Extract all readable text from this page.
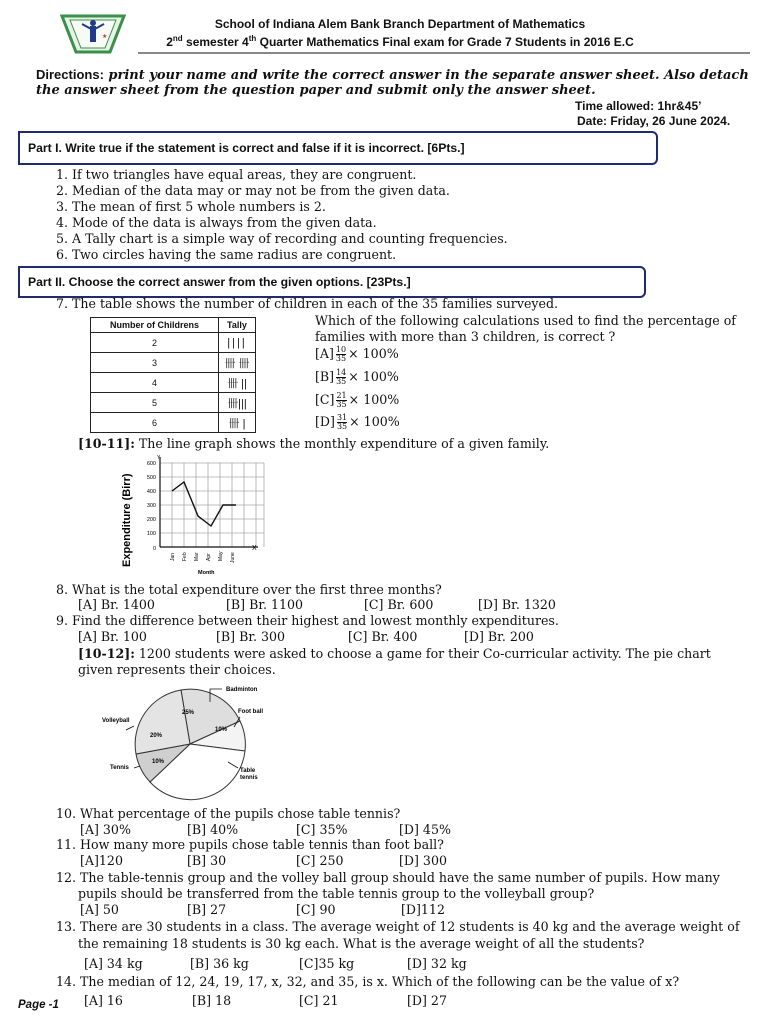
★
School of Indiana Alem Bank Branch Department of Mathematics
2nd semester 4th Quarter Mathematics Final exam for Grade 7 Students in 2016 E.C
Directions: print your name and write the correct answer in the separate answer sheet. Also detach
the answer sheet from the question paper and submit only the answer sheet.
Time allowed: 1hr&45’
Date: Friday, 26 June 2024.
Part I. Write true if the statement is correct and false if it is incorrect. [6Pts.]
1. If two triangles have equal areas, they are congruent.
2. Median of the data may or may not be from the given data.
3. The mean of first 5 whole numbers is 2.
4. Mode of the data is always from the given data.
5. A Tally chart is a simple way of recording and counting frequencies.
6. Two circles having the same radius are congruent.
Part II. Choose the correct answer from the given options. [23Pts.]
7. The table shows the number of children in each of the 35 families surveyed.
Number of Childrens	Tally
2	||||
3	卌 卌
4	卌 ||
5	卌|||
6	卌 |
Which of the following calculations used to find the percentage of
families with more than 3 children, is correct ?
$[A] \frac{10}{35} \times 100\%$
$[B] \frac{14}{35} \times 100\%$
$[C] \frac{21}{35} \times 100\%$
$[D] \frac{31}{35} \times 100\%$
[10-11]: The line graph shows the monthly expenditure of a given family.
Y
X
100
200
300
400
500
600
0
Jan Feb Mar Apr May June
Month
Expenditure (Birr)
8. What is the total expenditure over the first three months?
[A] Br. 1400	[B] Br. 1100	[C] Br. 600	[D] Br. 1320
9. Find the difference between their highest and lowest monthly expenditures.
[A] Br. 100	[B] Br. 300	[C] Br. 400	[D] Br. 200
[10-12]: 1200 students were asked to choose a game for their Co-curricular activity. The pie chart
given represents their choices.
25%
20%
10%
10%
Badminton
Foot ball
Volleyball
Tennis	Table
tennis
10. What percentage of the pupils chose table tennis?
[A] 30%	[B] 40%	[C] 35%	[D] 45%
11. How many more pupils chose table tennis than foot ball?
[A]120	[B] 30	[C] 250	[D] 300
12. The table-tennis group and the volley ball group should have the same number of pupils. How many
pupils should be transferred from the table tennis group to the volleyball group?
[A] 50	[B] 27	[C] 90	[D]112
13. There are 30 students in a class. The average weight of 12 students is 40 kg and the average weight of
the remaining 18 students is 30 kg each. What is the average weight of all the students?
[A] 34 kg	[B] 36 kg	[C]35 kg	[D] 32 kg
14. The median of 12, 24, 19, 17, x, 32, and 35, is x. Which of the following can be the value of x?
[A] 16	[B] 18	[C] 21	[D] 27
Page -1
